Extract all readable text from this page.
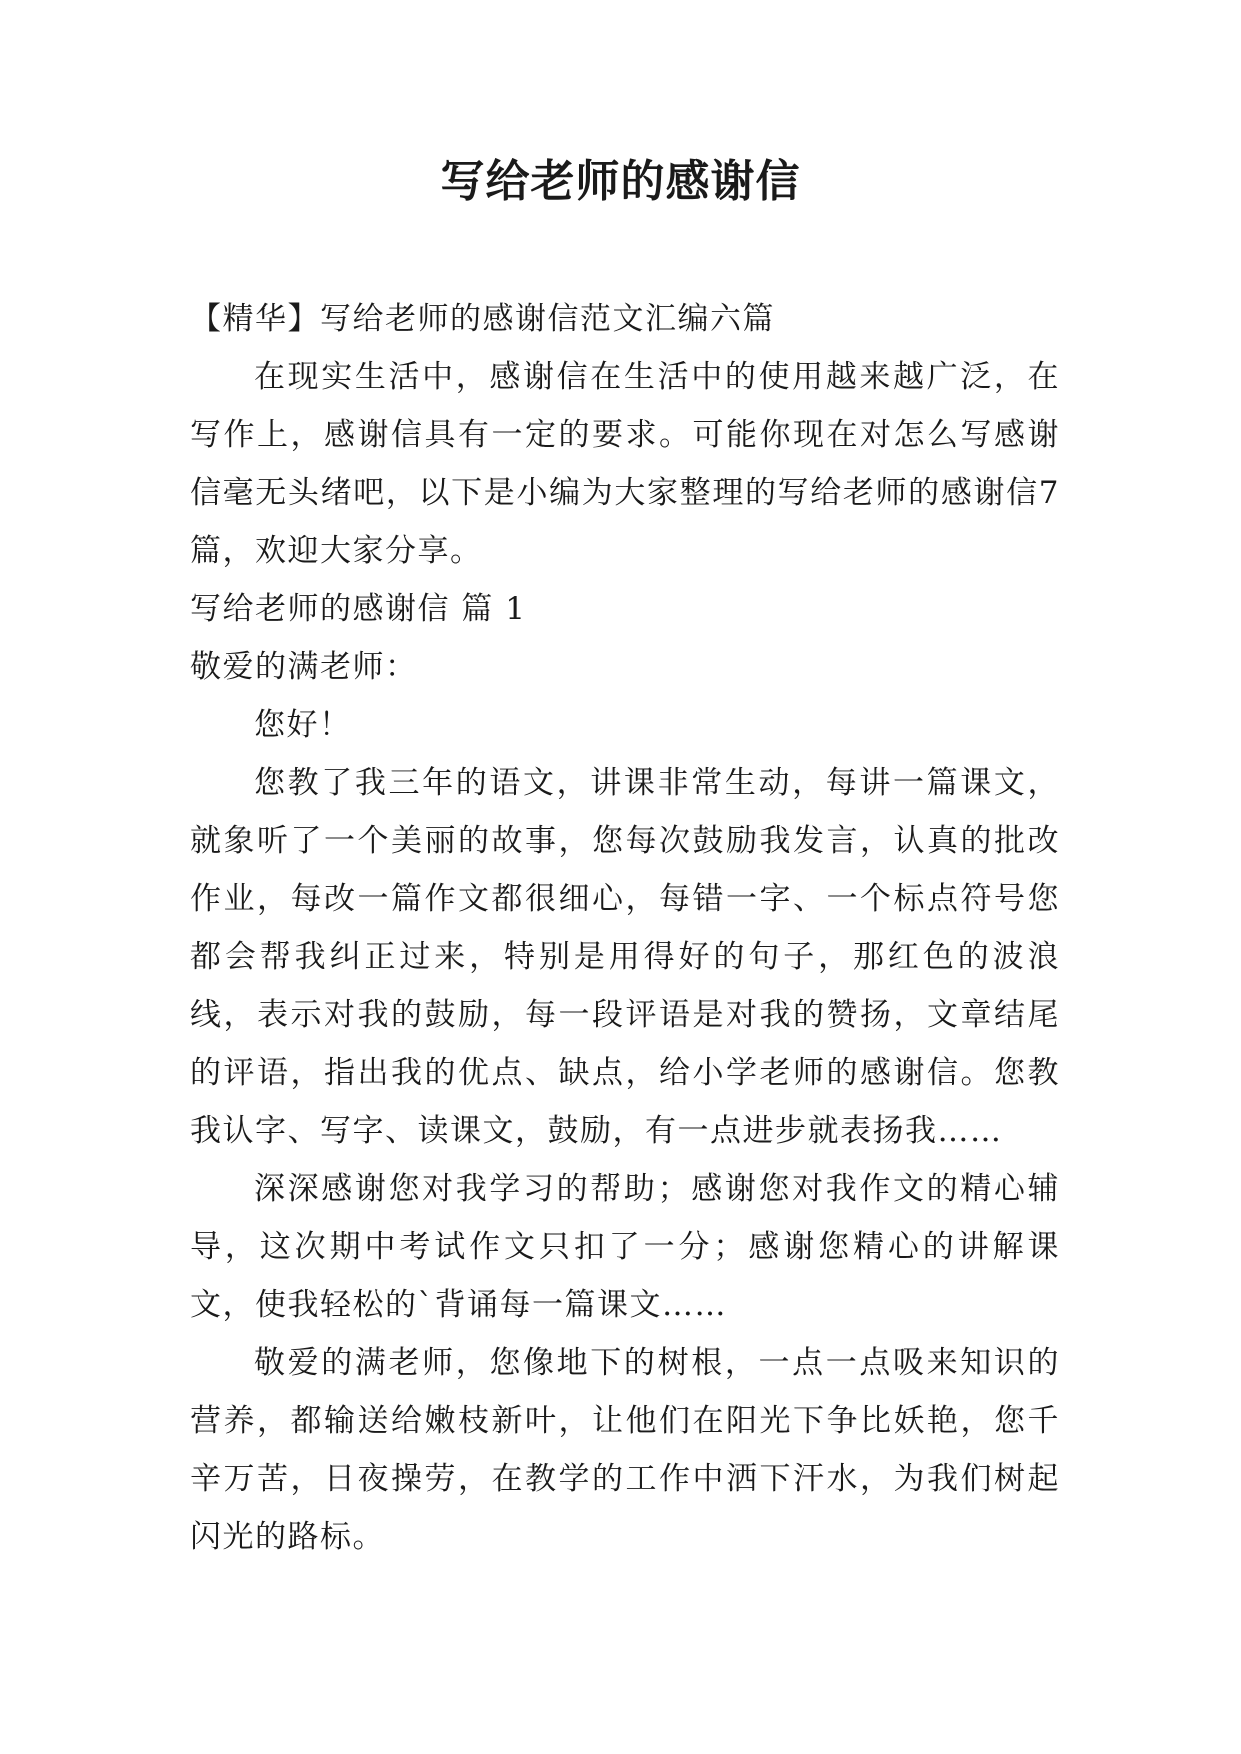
写给老师的感谢信

【精华】写给老师的感谢信范文汇编六篇

在现实生活中，感谢信在生活中的使用越来越广泛，在写作上，感谢信具有一定的要求。可能你现在对怎么写感谢信毫无头绪吧，以下是小编为大家整理的写给老师的感谢信7篇，欢迎大家分享。

写给老师的感谢信 篇 1

敬爱的满老师：

您好！

您教了我三年的语文，讲课非常生动，每讲一篇课文，就象听了一个美丽的故事，您每次鼓励我发言，认真的批改作业，每改一篇作文都很细心，每错一字、一个标点符号您都会帮我纠正过来，特别是用得好的句子，那红色的波浪线，表示对我的鼓励，每一段评语是对我的赞扬，文章结尾的评语，指出我的优点、缺点，给小学老师的感谢信。您教我认字、写字、读课文，鼓励，有一点进步就表扬我……

深深感谢您对我学习的帮助；感谢您对我作文的精心辅导，这次期中考试作文只扣了一分；感谢您精心的讲解课文，使我轻松的`背诵每一篇课文……

敬爱的满老师，您像地下的树根，一点一点吸来知识的营养，都输送给嫩枝新叶，让他们在阳光下争比妖艳，您千辛万苦，日夜操劳，在教学的工作中洒下汗水，为我们树起闪光的路标。
